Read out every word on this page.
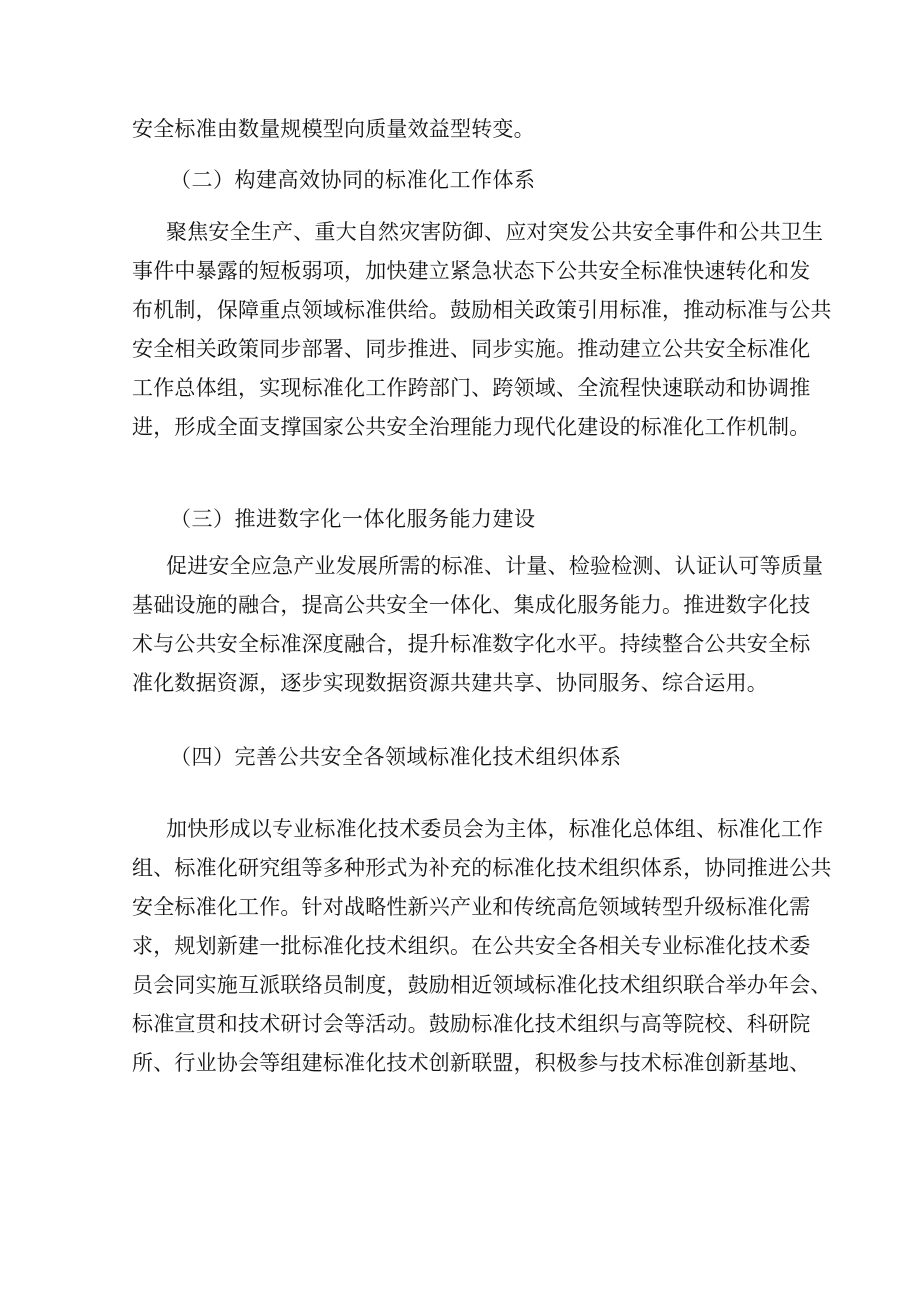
安全标准由数量规模型向质量效益型转变。
（二）构建高效协同的标准化工作体系
聚焦安全生产、重大自然灾害防御、应对突发公共安全事件和公共卫生
事件中暴露的短板弱项，加快建立紧急状态下公共安全标准快速转化和发
布机制，保障重点领域标准供给。鼓励相关政策引用标准，推动标准与公共
安全相关政策同步部署、同步推进、同步实施。推动建立公共安全标准化
工作总体组，实现标准化工作跨部门、跨领域、全流程快速联动和协调推
进，形成全面支撑国家公共安全治理能力现代化建设的标准化工作机制。
（三）推进数字化一体化服务能力建设
促进安全应急产业发展所需的标准、计量、检验检测、认证认可等质量
基础设施的融合，提高公共安全一体化、集成化服务能力。推进数字化技
术与公共安全标准深度融合，提升标准数字化水平。持续整合公共安全标
准化数据资源，逐步实现数据资源共建共享、协同服务、综合运用。
（四）完善公共安全各领域标准化技术组织体系
加快形成以专业标准化技术委员会为主体，标准化总体组、标准化工作
组、标准化研究组等多种形式为补充的标准化技术组织体系，协同推进公共
安全标准化工作。针对战略性新兴产业和传统高危领域转型升级标准化需
求，规划新建一批标准化技术组织。在公共安全各相关专业标准化技术委
员会同实施互派联络员制度，鼓励相近领域标准化技术组织联合举办年会、
标准宣贯和技术研讨会等活动。鼓励标准化技术组织与高等院校、科研院
所、行业协会等组建标准化技术创新联盟，积极参与技术标准创新基地、
